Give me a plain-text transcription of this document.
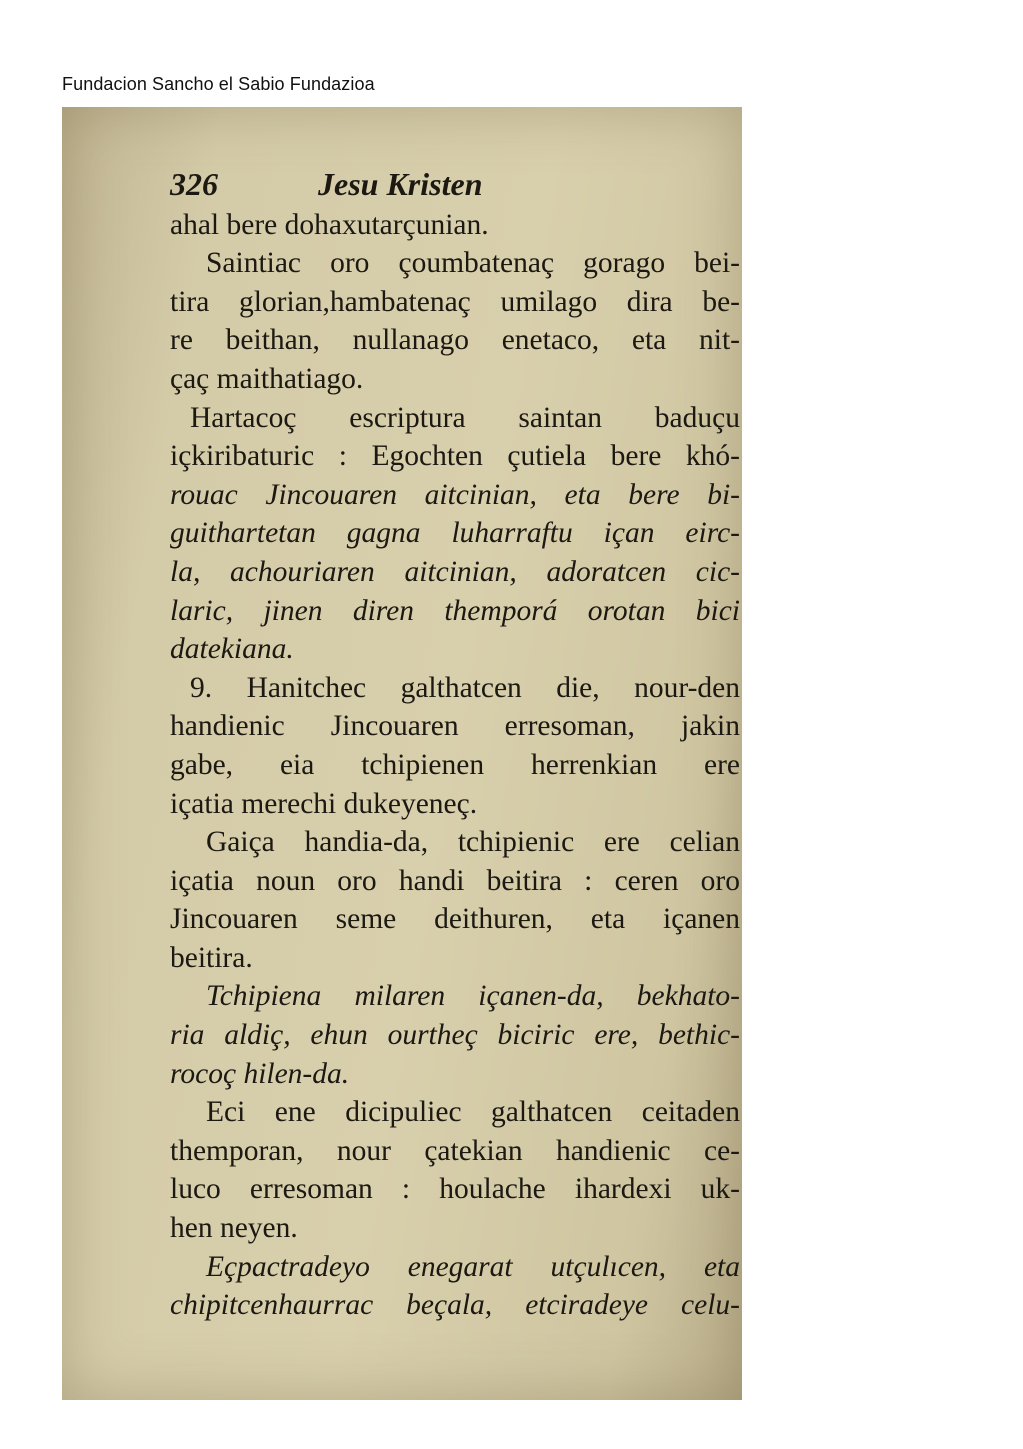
Fundacion Sancho el Sabio Fundazioa
326	Jesu Kristen
ahal bere dohaxutarçunian.
Saintiac oro çoumbatenaç gorago bei-
tira glorian,hambatenaç umilago dira be-
re beithan, nullanago enetaco, eta nit-
çaç maithatiago.
Hartacoç escriptura saintan baduçu
içkiribaturic : Egochten çutiela bere khó-
rouac Jincouaren aitcinian, eta bere bi-
guithartetan gagna luharraftu içan eirc-
la, achouriaren aitcinian, adoratcen cic-
laric, jinen diren themporá orotan bici
datekiana.
9. Hanitchec galthatcen die, nour-den
handienic Jincouaren erresoman, jakin
gabe, eia tchipienen herrenkian ere
içatia merechi dukeyeneç.
Gaiça handia-da, tchipienic ere celian
içatia noun oro handi beitira : ceren oro
Jincouaren seme deithuren, eta içanen
beitira.
Tchipiena milaren içanen-da, bekhato-
ria aldiç, ehun ourtheç biciric ere, bethic-
rocoç hilen-da.
Eci ene dicipuliec galthatcen ceitaden
themporan, nour çatekian handienic ce-
luco erresoman : houlache ihardexi uk-
hen neyen.
Eçpactradeyo enegarat utçulıcen, eta
chipitcenhaurrac beçala, etciradeye celu-
